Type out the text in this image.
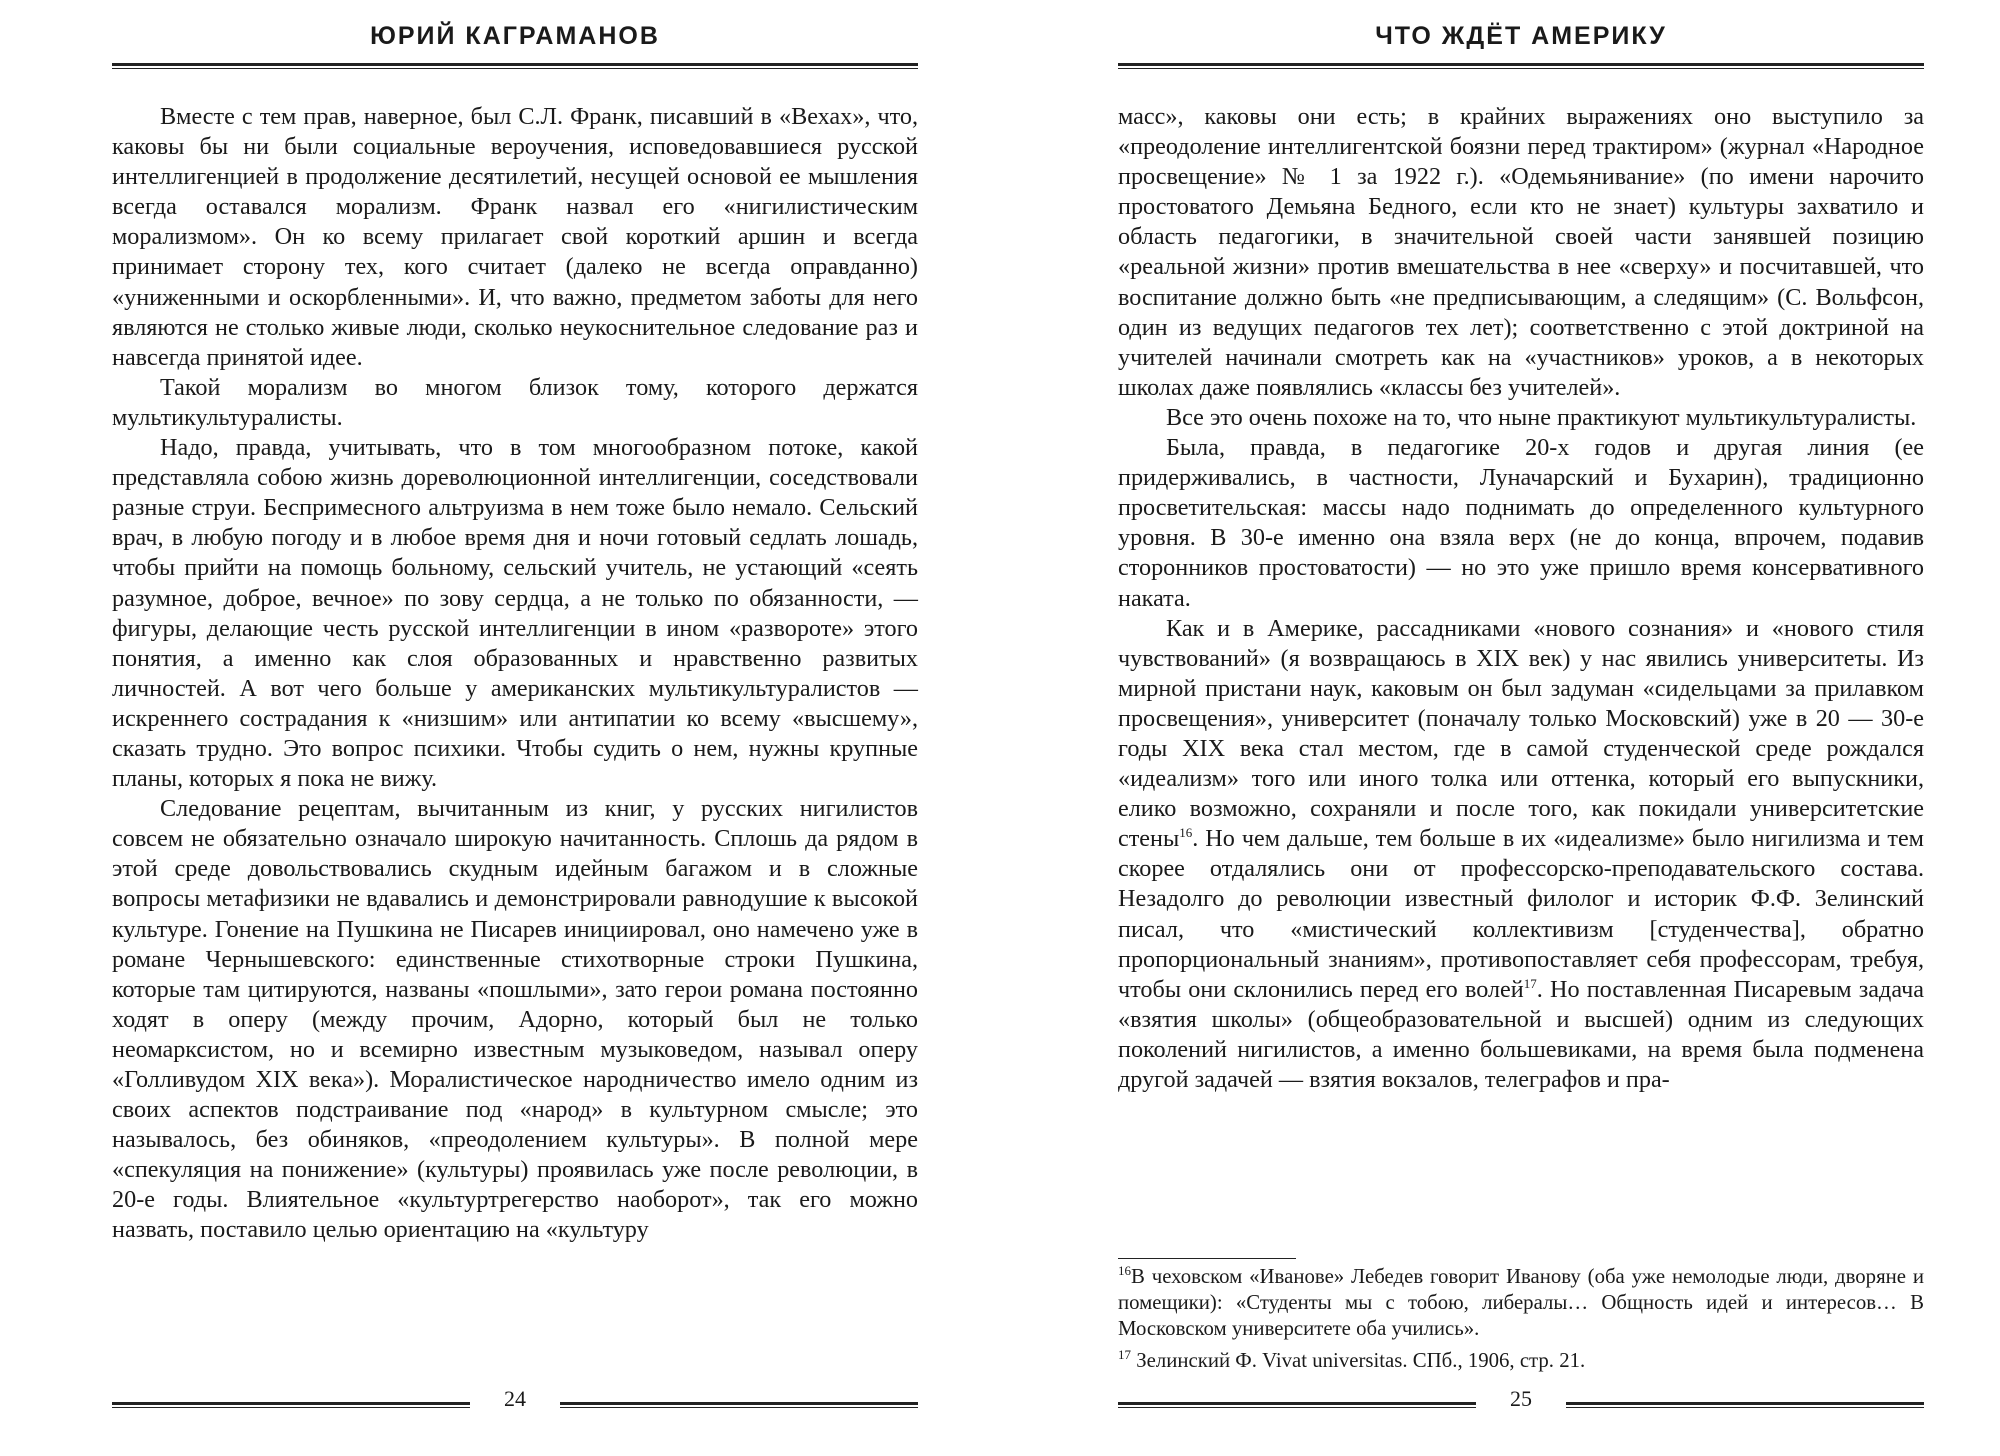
ЮРИЙ КАГРАМАНОВ

Вместе с тем прав, наверное, был С.Л. Франк, писавший в «Вехах», что, каковы бы ни были социальные вероучения, исповедовавшиеся русской интеллигенцией в продолжение десятилетий, несущей основой ее мышления всегда оставался морализм. Франк назвал его «нигилистическим морализмом». Он ко всему прилагает свой короткий аршин и всегда принимает сторону тех, кого считает (далеко не всегда оправданно) «униженными и оскорбленными». И, что важно, предметом заботы для него являются не столько живые люди, сколько неукоснительное следование раз и навсегда принятой идее.

Такой морализм во многом близок тому, которого держатся мультикультуралисты.

Надо, правда, учитывать, что в том многообразном потоке, какой представляла собою жизнь дореволюционной интеллигенции, соседствовали разные струи. Беспримесного альтруизма в нем тоже было немало. Сельский врач, в любую погоду и в любое время дня и ночи готовый седлать лошадь, чтобы прийти на помощь больному, сельский учитель, не устающий «сеять разумное, доброе, вечное» по зову сердца, а не только по обязанности, — фигуры, делающие честь русской интеллигенции в ином «развороте» этого понятия, а именно как слоя образованных и нравственно развитых личностей. А вот чего больше у американских мультикультуралистов — искреннего сострадания к «низшим» или антипатии ко всему «высшему», сказать трудно. Это вопрос психики. Чтобы судить о нем, нужны крупные планы, которых я пока не вижу.

Следование рецептам, вычитанным из книг, у русских нигилистов совсем не обязательно означало широкую начитанность. Сплошь да рядом в этой среде довольствовались скудным идейным багажом и в сложные вопросы метафизики не вдавались и демонстрировали равнодушие к высокой культуре. Гонение на Пушкина не Писарев инициировал, оно намечено уже в романе Чернышевского: единственные стихотворные строки Пушкина, которые там цитируются, названы «пошлыми», зато герои романа постоянно ходят в оперу (между прочим, Адорно, который был не только неомарксистом, но и всемирно известным музыковедом, называл оперу «Голливудом XIX века»). Моралистическое народничество имело одним из своих аспектов подстраивание под «народ» в культурном смысле; это называлось, без обиняков, «преодолением культуры». В полной мере «спекуляция на понижение» (культуры) проявилась уже после революции, в 20-е годы. Влиятельное «культуртрегерство наоборот», так его можно назвать, поставило целью ориентацию на «культуру

24
ЧТО ЖДЁТ АМЕРИКУ

масс», каковы они есть; в крайних выражениях оно выступило за «преодоление интеллигентской боязни перед трактиром» (журнал «Народное просвещение» № 1 за 1922 г.). «Одемьянивание» (по имени нарочито простоватого Демьяна Бедного, если кто не знает) культуры захватило и область педагогики, в значительной своей части занявшей позицию «реальной жизни» против вмешательства в нее «сверху» и посчитавшей, что воспитание должно быть «не предписывающим, а следящим» (С. Вольфсон, один из ведущих педагогов тех лет); соответственно с этой доктриной на учителей начинали смотреть как на «участников» уроков, а в некоторых школах даже появлялись «классы без учителей».

Все это очень похоже на то, что ныне практикуют мультикультуралисты.

Была, правда, в педагогике 20-х годов и другая линия (ее придерживались, в частности, Луначарский и Бухарин), традиционно просветительская: массы надо поднимать до определенного культурного уровня. В 30-е именно она взяла верх (не до конца, впрочем, подавив сторонников простоватости) — но это уже пришло время консервативного наката.

Как и в Америке, рассадниками «нового сознания» и «нового стиля чувствований» (я возвращаюсь в XIX век) у нас явились университеты. Из мирной пристани наук, каковым он был задуман «сидельцами за прилавком просвещения», университет (поначалу только Московский) уже в 20 — 30-е годы XIX века стал местом, где в самой студенческой среде рождался «идеализм» того или иного толка или оттенка, который его выпускники, елико возможно, сохраняли и после того, как покидали университетские стены$^{16}$. Но чем дальше, тем больше в их «идеализме» было нигилизма и тем скорее отдалялись они от профессорско-преподавательского состава. Незадолго до революции известный филолог и историк Ф.Ф. Зелинский писал, что «мистический коллективизм [студенчества], обратно пропорциональный знаниям», противопоставляет себя профессорам, требуя, чтобы они склонились перед его волей$^{17}$. Но поставленная Писаревым задача «взятия школы» (общеобразовательной и высшей) одним из следующих поколений нигилистов, а именно большевиками, на время была подменена другой задачей — взятия вокзалов, телеграфов и пра-

$^{16}$В чеховском «Иванове» Лебедев говорит Иванову (оба уже немолодые люди, дворяне и помещики): «Студенты мы с тобою, либералы… Общность идей и интересов… В Московском университете оба учились».

$^{17}$ Зелинский Ф. Vivat universitas. СПб., 1906, стр. 21.

25
